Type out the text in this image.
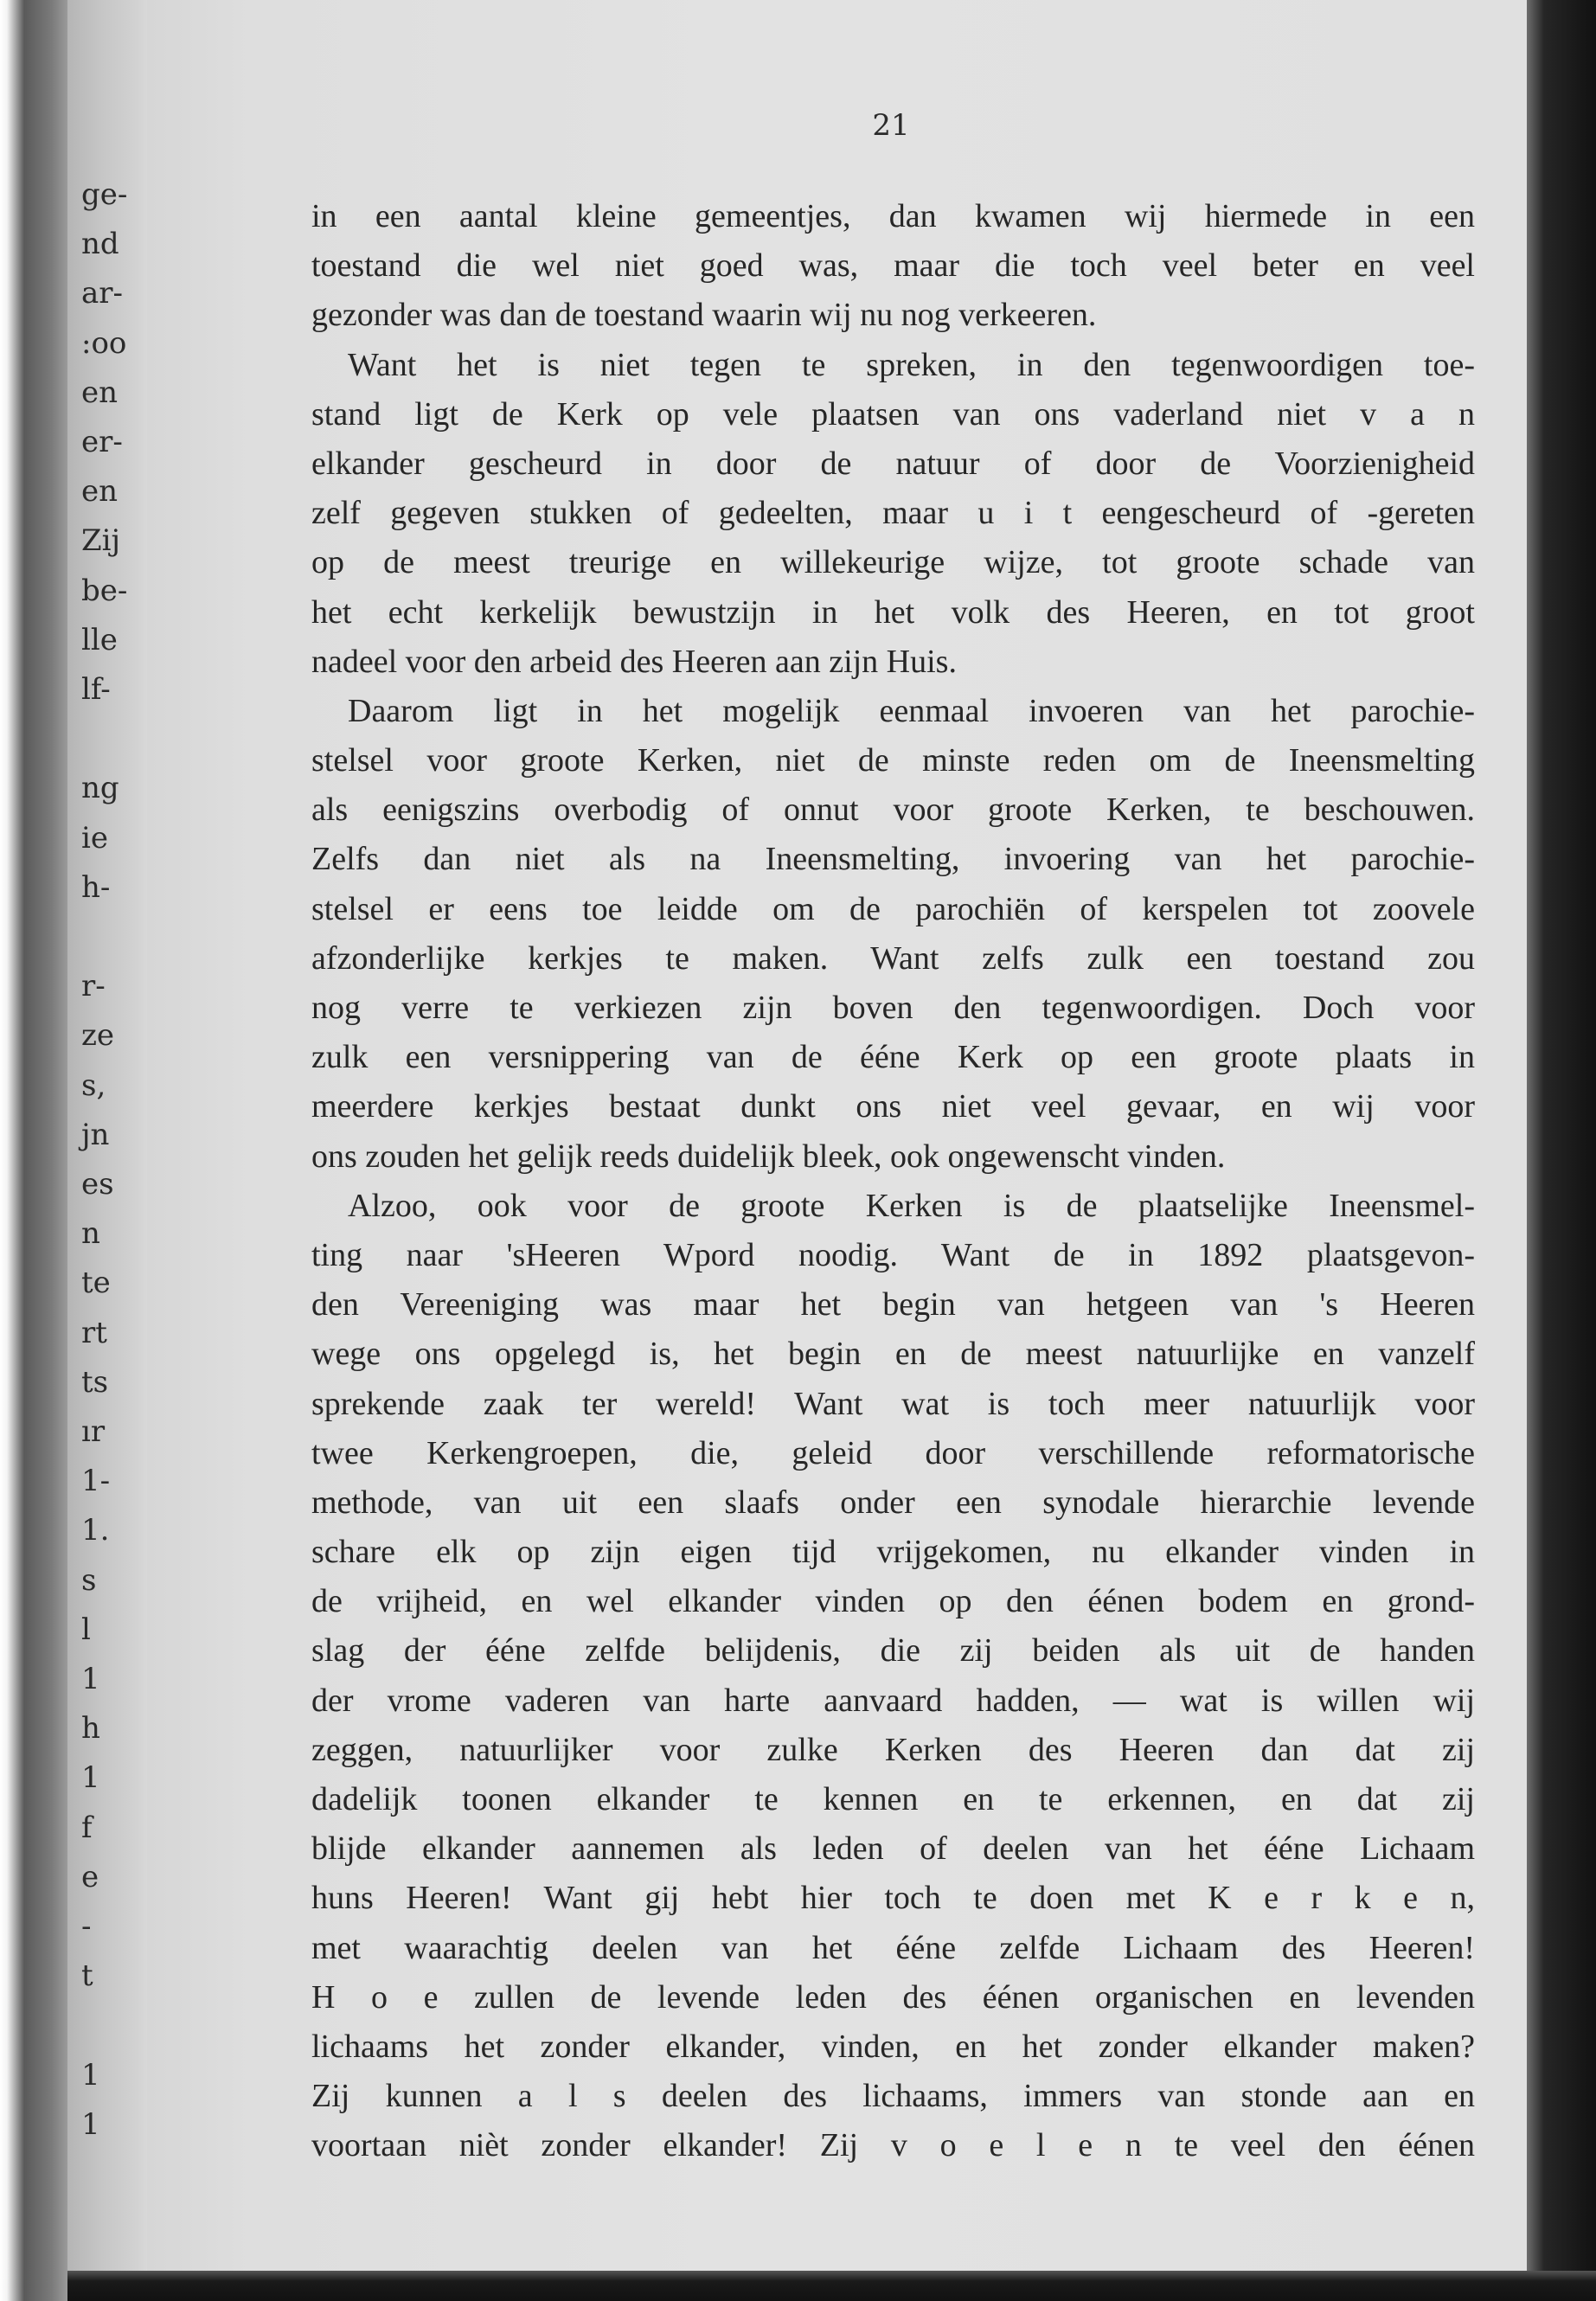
ge-
nd
ar-
:oo
en
er-
en
Zij
be-
lle
lf-
ng
ie
h-
r-
ze
s,
jn
es
n
te
rt
ts
ır
1-
1.
s
l
1
h
1
f
e
-
t
1
1

21

in een aantal kleine gemeentjes, dan kwamen wij hiermede in een
toestand die wel niet goed was, maar die toch veel beter en veel
gezonder was dan de toestand waarin wij nu nog verkeeren.
Want het is niet tegen te spreken, in den tegenwoordigen toe-
stand ligt de Kerk op vele plaatsen van ons vaderland niet v a n
elkander gescheurd in door de natuur of door de Voorzienigheid
zelf gegeven stukken of gedeelten, maar u i t eengescheurd of -gereten
op de meest treurige en willekeurige wijze, tot groote schade van
het echt kerkelijk bewustzijn in het volk des Heeren, en tot groot
nadeel voor den arbeid des Heeren aan zijn Huis.
Daarom ligt in het mogelijk eenmaal invoeren van het parochie-
stelsel voor groote Kerken, niet de minste reden om de Ineensmelting
als eenigszins overbodig of onnut voor groote Kerken, te beschouwen.
Zelfs dan niet als na Ineensmelting, invoering van het parochie-
stelsel er eens toe leidde om de parochiën of kerspelen tot zoovele
afzonderlijke kerkjes te maken. Want zelfs zulk een toestand zou
nog verre te verkiezen zijn boven den tegenwoordigen. Doch voor
zulk een versnippering van de ééne Kerk op een groote plaats in
meerdere kerkjes bestaat dunkt ons niet veel gevaar, en wij voor
ons zouden het gelijk reeds duidelijk bleek, ook ongewenscht vinden.
Alzoo, ook voor de groote Kerken is de plaatselijke Ineensmel-
ting naar 'sHeeren Wpord noodig. Want de in 1892 plaatsgevon-
den Vereeniging was maar het begin van hetgeen van 's Heeren
wege ons opgelegd is, het begin en de meest natuurlijke en vanzelf
sprekende zaak ter wereld! Want wat is toch meer natuurlijk voor
twee Kerkengroepen, die, geleid door verschillende reformatorische
methode, van uit een slaafs onder een synodale hierarchie levende
schare elk op zijn eigen tijd vrijgekomen, nu elkander vinden in
de vrijheid, en wel elkander vinden op den éénen bodem en grond-
slag der ééne zelfde belijdenis, die zij beiden als uit de handen
der vrome vaderen van harte aanvaard hadden, — wat is willen wij
zeggen, natuurlijker voor zulke Kerken des Heeren dan dat zij
dadelijk toonen elkander te kennen en te erkennen, en dat zij
blijde elkander aannemen als leden of deelen van het ééne Lichaam
huns Heeren! Want gij hebt hier toch te doen met K e r k e n,
met waarachtig deelen van het ééne zelfde Lichaam des Heeren!
H o e zullen de levende leden des éénen organischen en levenden
lichaams het zonder elkander, vinden, en het zonder elkander maken?
Zij kunnen a l s deelen des lichaams, immers van stonde aan en
voortaan nièt zonder elkander! Zij v o e l e n te veel den éénen
